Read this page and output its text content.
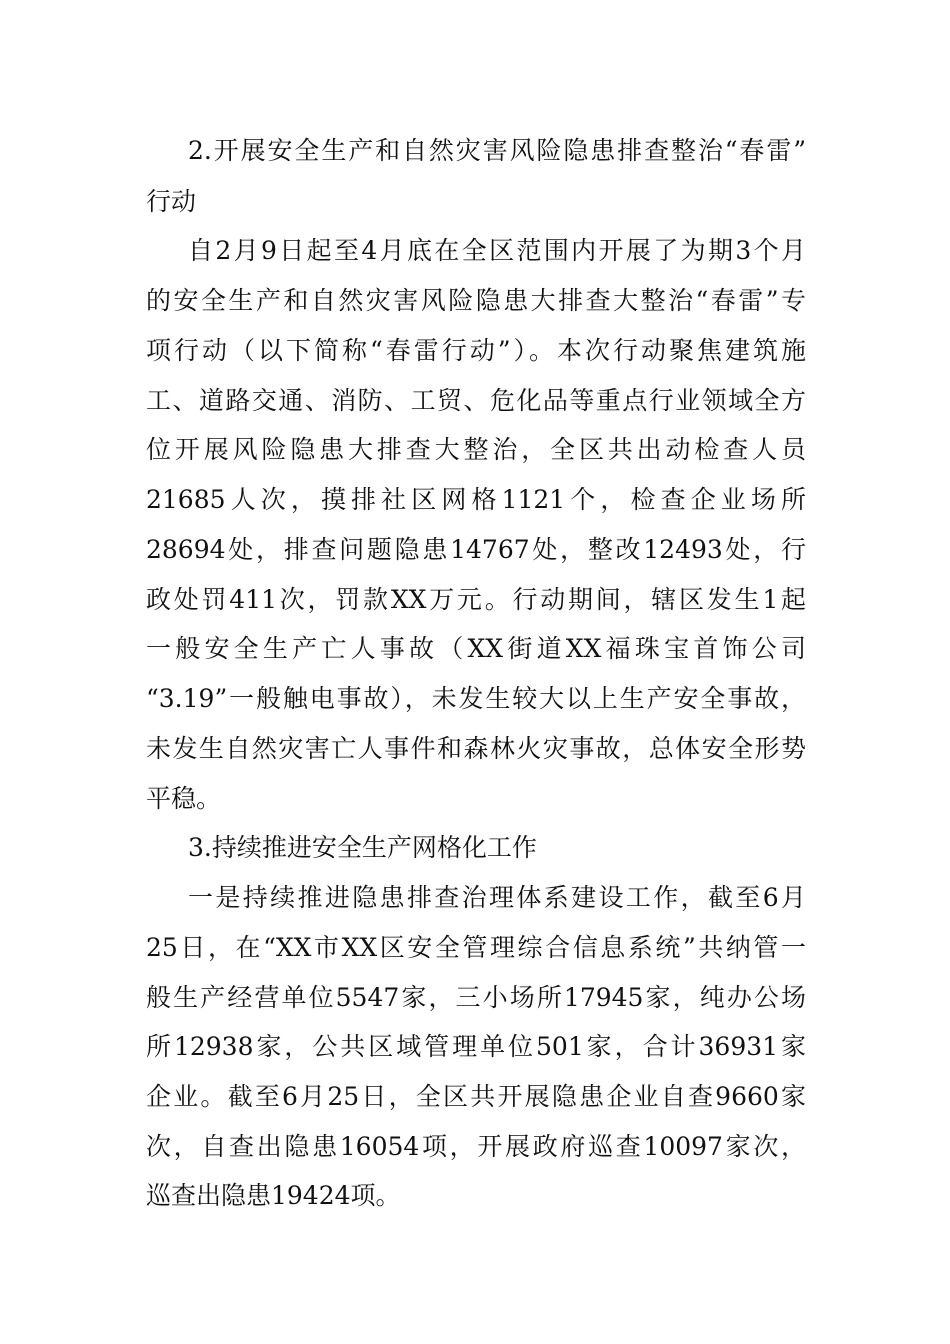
2.开展安全生产和自然灾害风险隐患排查整治“春雷”
行动
自2月9日起至4月底在全区范围内开展了为期3个月
的安全生产和自然灾害风险隐患大排查大整治“春雷”专
项行动（以下简称“春雷行动”）。本次行动聚焦建筑施
工、道路交通、消防、工贸、危化品等重点行业领域全方
位开展风险隐患大排查大整治，全区共出动检查人员
21685人次，摸排社区网格1121个，检查企业场所
28694处，排查问题隐患14767处，整改12493处，行
政处罚411次，罚款XX万元。行动期间，辖区发生1起
一般安全生产亡人事故（XX街道XX福珠宝首饰公司
“3.19”一般触电事故），未发生较大以上生产安全事故，
未发生自然灾害亡人事件和森林火灾事故，总体安全形势
平稳。
3.持续推进安全生产网格化工作
一是持续推进隐患排查治理体系建设工作，截至6月
25日，在“XX市XX区安全管理综合信息系统”共纳管一
般生产经营单位5547家，三小场所17945家，纯办公场
所12938家，公共区域管理单位501家，合计36931家
企业。截至6月25日，全区共开展隐患企业自查9660家
次，自查出隐患16054项，开展政府巡查10097家次，
巡查出隐患19424项。
